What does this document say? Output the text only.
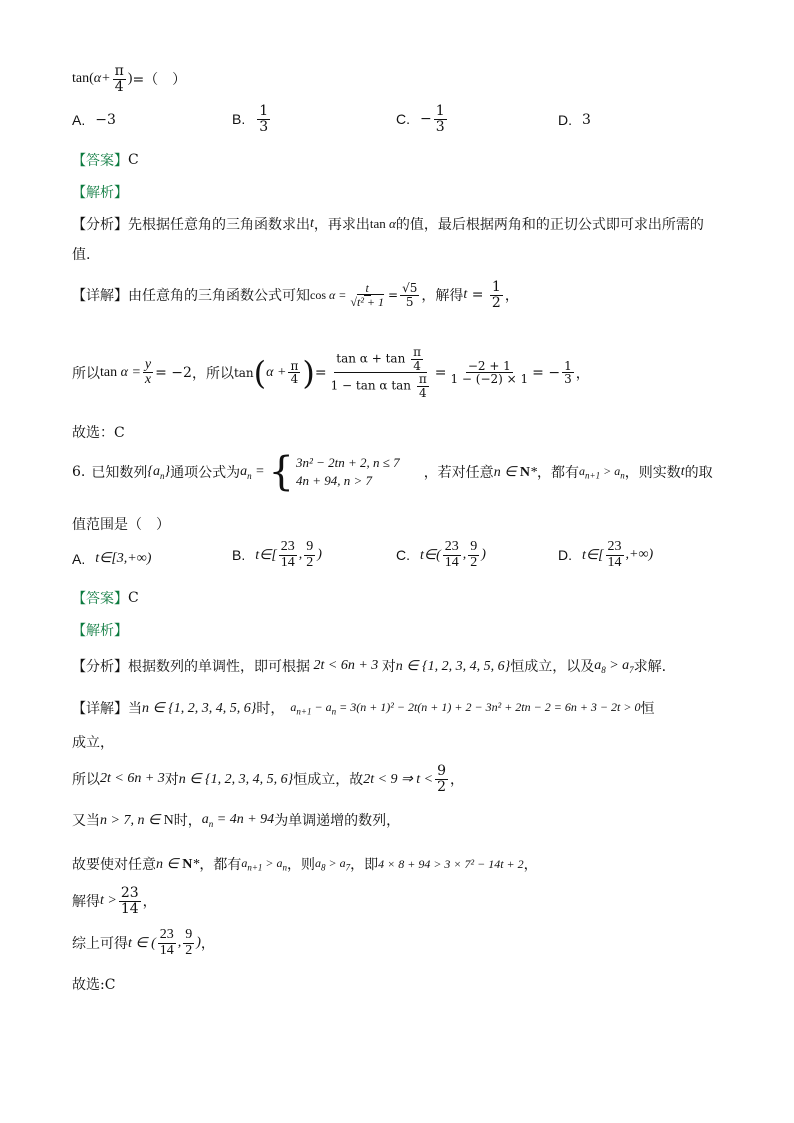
$\tan(\alpha+ \frac{\pi}{4}$ ) =（　）
A. −3	B. $\frac{1}{3}$	C. − $\frac{1}{3}$	D. 3
【答案】 C
【解析】
【分析】 先根据任意角的三角函数求出 t ，再求出 tan α 的值，最后根据两角和的正切公式即可求出所需的
值.
【详解】 由任意角的三角函数公式可知 $\cos \alpha = \frac{t}{\text{√t² + 1}} = \frac{√5}{5}$ ，解得 $t = \frac{1}{2}$ ，
所以 $\tan \alpha = \frac{y}{x} = -2$ ，所以 tan ( $\alpha + \frac{\pi}{4}$ ) = $\frac{\tan \alpha + \tan \frac{\pi}{4}}{1 - \tan \alpha \tan \frac{\pi}{4}} = \frac{-2 + 1}{1 - (-2) \times 1}$ = − $\frac{1}{3}$ ，
故选：C
6. 已知数列 $\{a_n\}$ 通项公式为 $a_n$ = { 3n² − 2tn + 2, n ≤ 7
4n + 94, n > 7	，若对任意 n ∈ N* ，都有 $a_{n+1} > a_n$ ，则实数 t 的取
值范围是（　）
A. t∈[3,+∞)	B. t∈[ $\frac{23}{14}$ , $\frac{9}{2}$ )	C. t∈( $\frac{23}{14}$ , $\frac{9}{2}$ )	D. t∈[ $\frac{23}{14}$ ,+∞)
【答案】 C
【解析】
【分析】 根据数列的单调性，即可根据 2t < 6n + 3 对 n ∈ {1, 2, 3, 4, 5, 6} 恒成立，以及 $a_8 > a_7$ 求解.
【详解】 当 n ∈ {1, 2, 3, 4, 5, 6} 时， $a_{n+1} - a_n = 3(n + 1)^2 - 2t(n + 1) + 2 - 3n^2 + 2tn - 2 = 6n + 3 - 2t > 0$ 恒
成立，
所以 2t < 6n + 3 对 n ∈ {1, 2, 3, 4, 5, 6} 恒成立，故 2t < 9 ⇒ $t < \frac{9}{2}$ ，
又当 n > 7, n ∈ N 时， $a_n = 4n + 94$ 为单调递增的数列，
故要使对任意 n ∈ N* ，都有 $a_{n+1} > a_n$ ，则 $a_8 > a_7$ ，即 4 × 8 + 94 > 3 × 7² − 14t + 2 ，
解得 $t > \frac{23}{14}$ ，
综上可得 t ∈ ( $\frac{23}{14}$ , $\frac{9}{2}$ ) ，
故选:C
